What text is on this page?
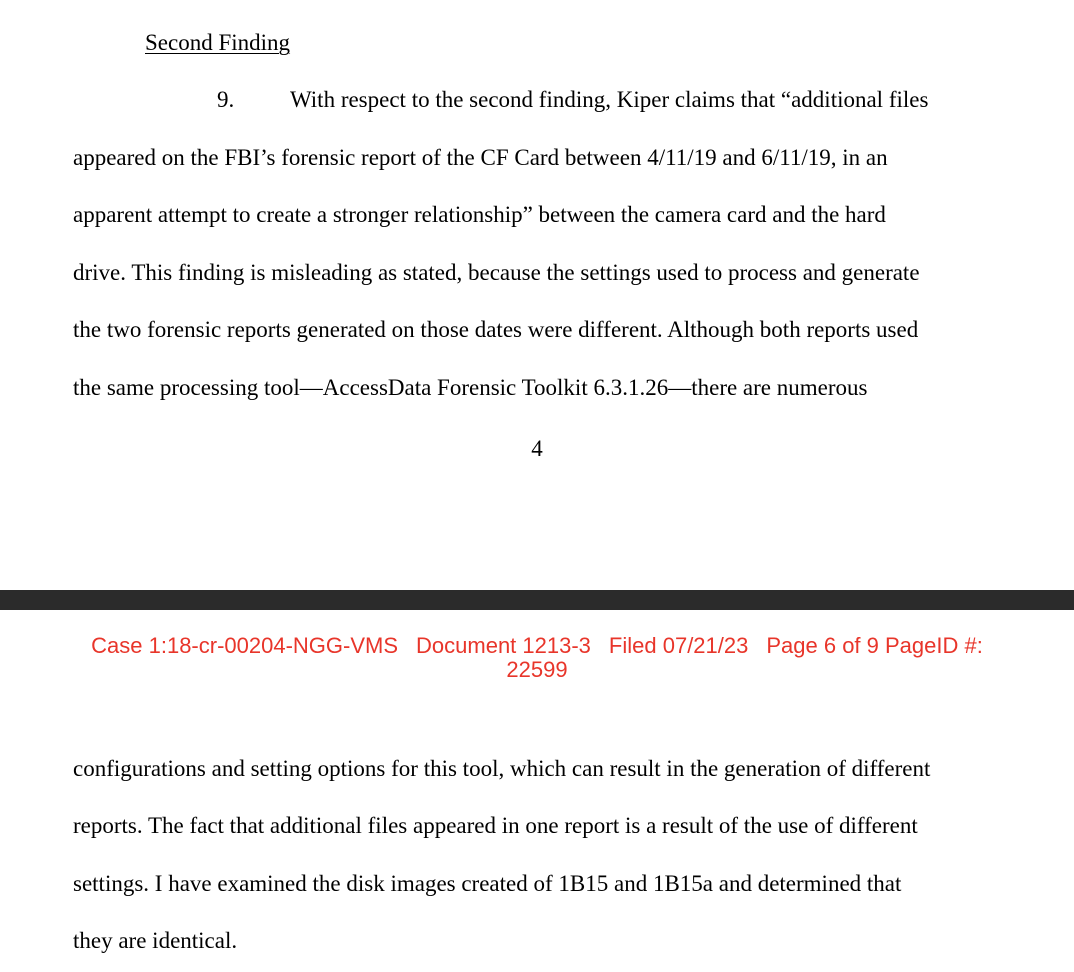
Second Finding
9. With respect to the second finding, Kiper claims that “additional files
appeared on the FBI’s forensic report of the CF Card between 4/11/19 and 6/11/19, in an
apparent attempt to create a stronger relationship” between the camera card and the hard
drive. This finding is misleading as stated, because the settings used to process and generate
the two forensic reports generated on those dates were different. Although both reports used
the same processing tool—AccessData Forensic Toolkit 6.3.1.26—there are numerous
4
Case 1:18-cr-00204-NGG-VMS Document 1213-3 Filed 07/21/23 Page 6 of 9 PageID #:
22599
configurations and setting options for this tool, which can result in the generation of different
reports. The fact that additional files appeared in one report is a result of the use of different
settings. I have examined the disk images created of 1B15 and 1B15a and determined that
they are identical.
